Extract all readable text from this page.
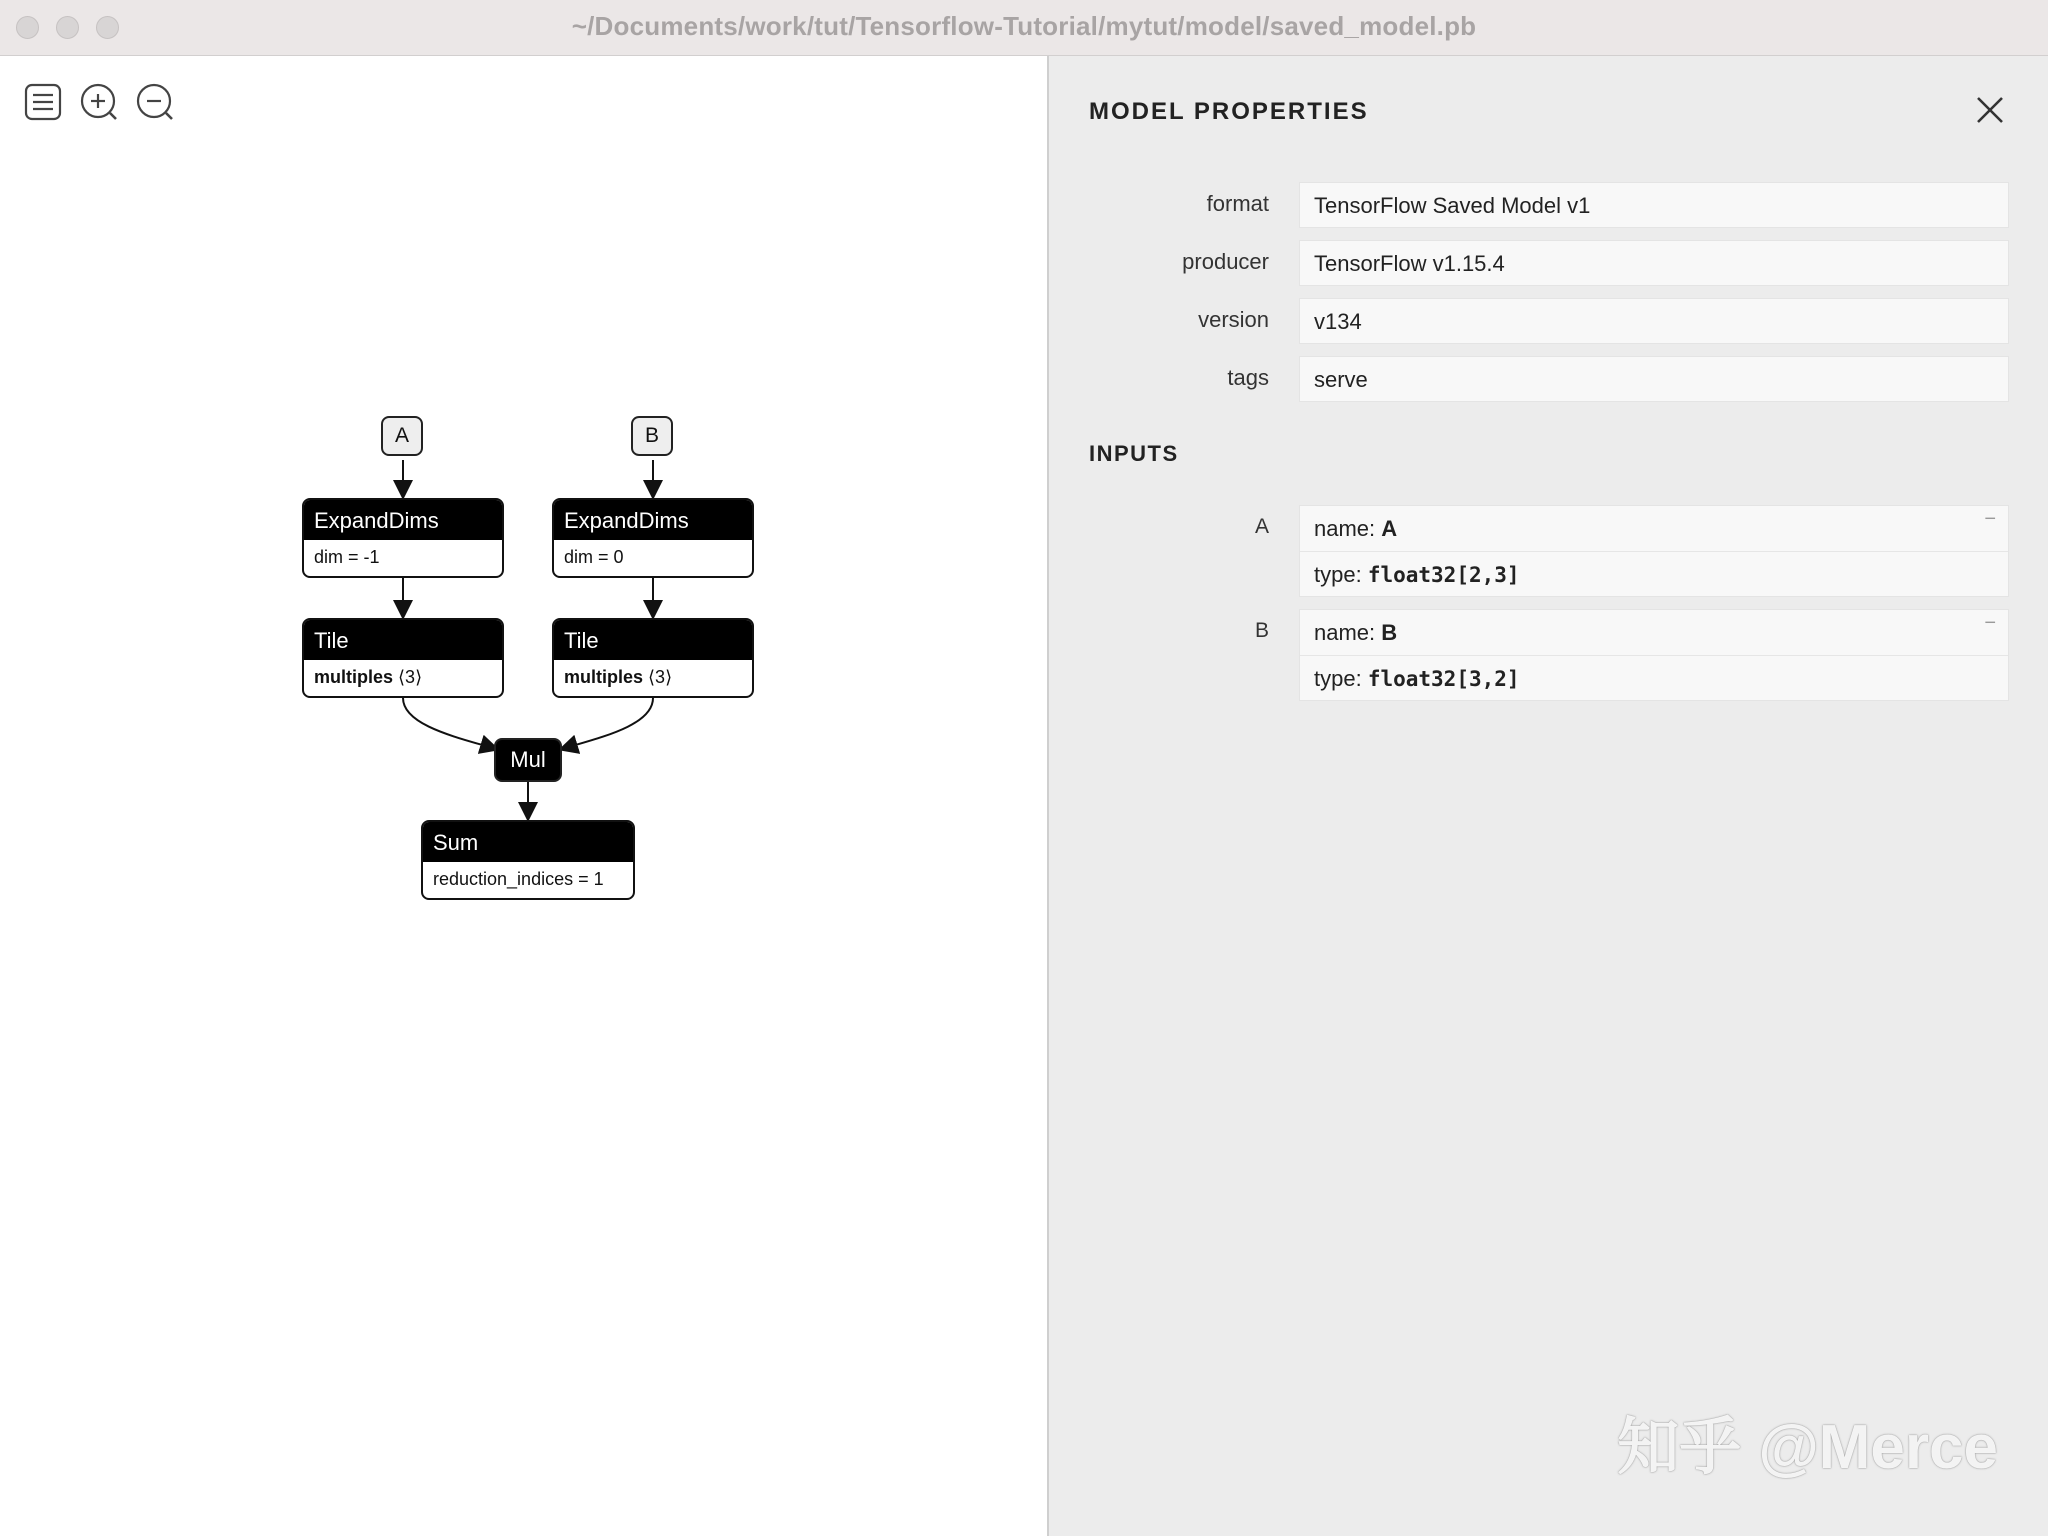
~/Documents/work/tut/Tensorflow-Tutorial/mytut/model/saved_model.pb
A	B
ExpandDims
dim = -1
ExpandDims
dim = 0
Tile
multiples ⟨3⟩
Tile
multiples ⟨3⟩
Mul
Sum
reduction_indices = 1
MODEL PROPERTIES
format	TensorFlow Saved Model v1
producer	TensorFlow v1.15.4
version	v134
tags	serve
INPUTS
A	name: A
type: float32[2,3]
−
B	name: B
type: float32[3,2]
−
知乎 @Merce
